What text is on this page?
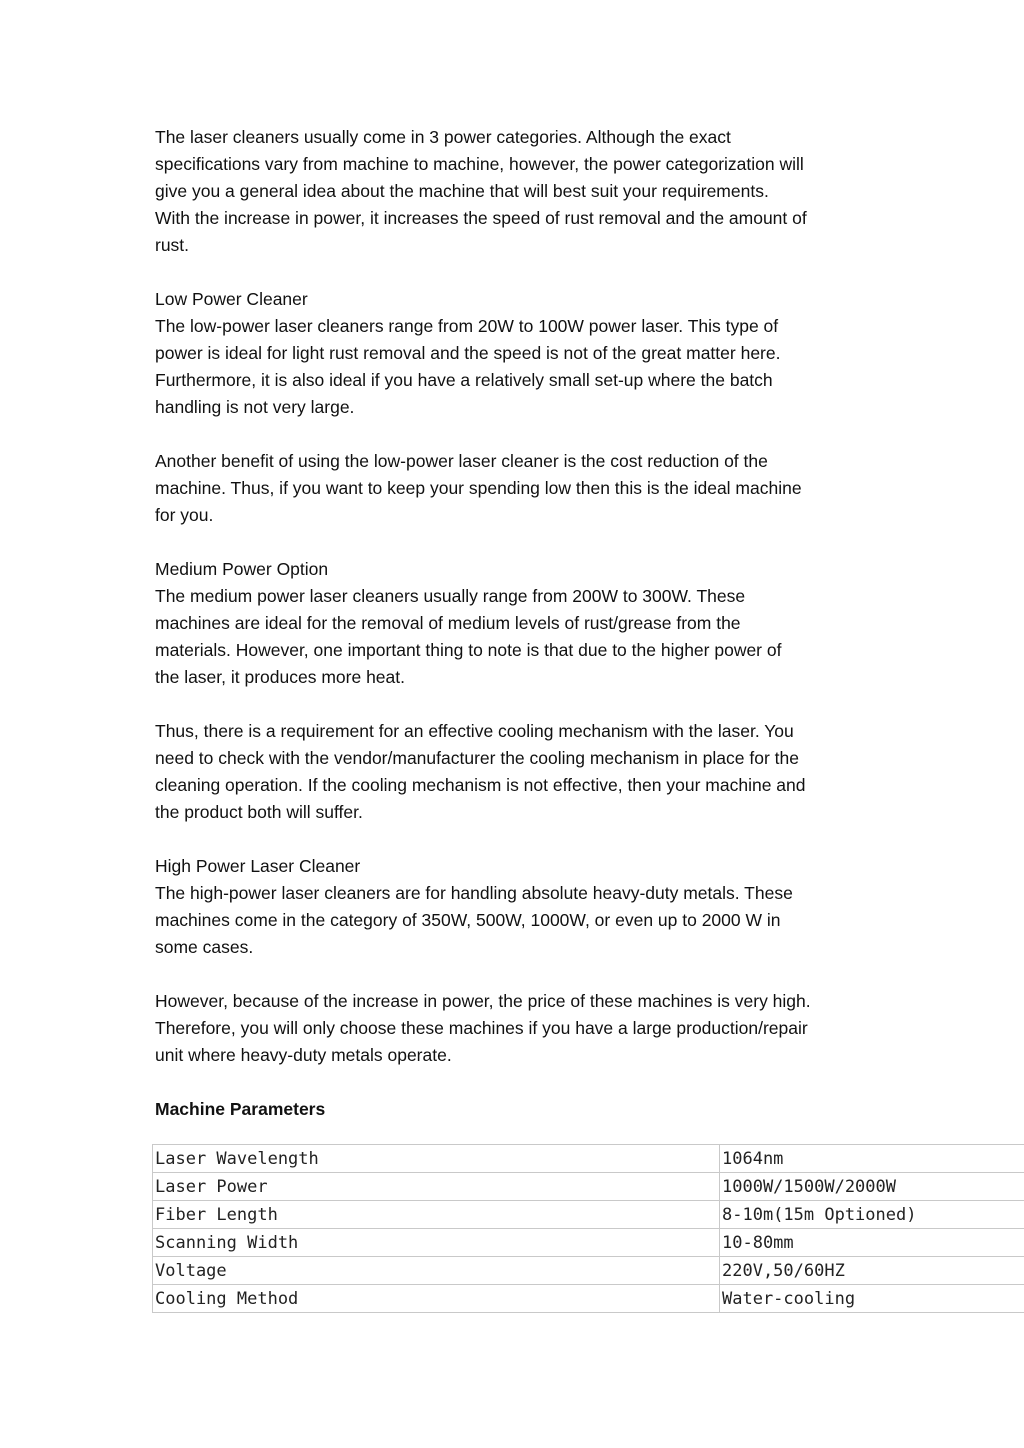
The laser cleaners usually come in 3 power categories. Although the exact
specifications vary from machine to machine, however, the power categorization will
give you a general idea about the machine that will best suit your requirements.
With the increase in power, it increases the speed of rust removal and the amount of
rust.

Low Power Cleaner
The low-power laser cleaners range from 20W to 100W power laser. This type of
power is ideal for light rust removal and the speed is not of the great matter here.
Furthermore, it is also ideal if you have a relatively small set-up where the batch
handling is not very large.

Another benefit of using the low-power laser cleaner is the cost reduction of the
machine. Thus, if you want to keep your spending low then this is the ideal machine
for you.

Medium Power Option
The medium power laser cleaners usually range from 200W to 300W. These
machines are ideal for the removal of medium levels of rust/grease from the
materials. However, one important thing to note is that due to the higher power of
the laser, it produces more heat.

Thus, there is a requirement for an effective cooling mechanism with the laser. You
need to check with the vendor/manufacturer the cooling mechanism in place for the
cleaning operation. If the cooling mechanism is not effective, then your machine and
the product both will suffer.

High Power Laser Cleaner
The high-power laser cleaners are for handling absolute heavy-duty metals. These
machines come in the category of 350W, 500W, 1000W, or even up to 2000 W in
some cases.

However, because of the increase in power, the price of these machines is very high.
Therefore, you will only choose these machines if you have a large production/repair
unit where heavy-duty metals operate.

Machine Parameters

Laser Wavelength	1064nm
Laser Power	1000W/1500W/2000W
Fiber Length	8-10m(15m Optioned)
Scanning Width	10-80mm
Voltage	220V,50/60HZ
Cooling Method	Water-cooling
